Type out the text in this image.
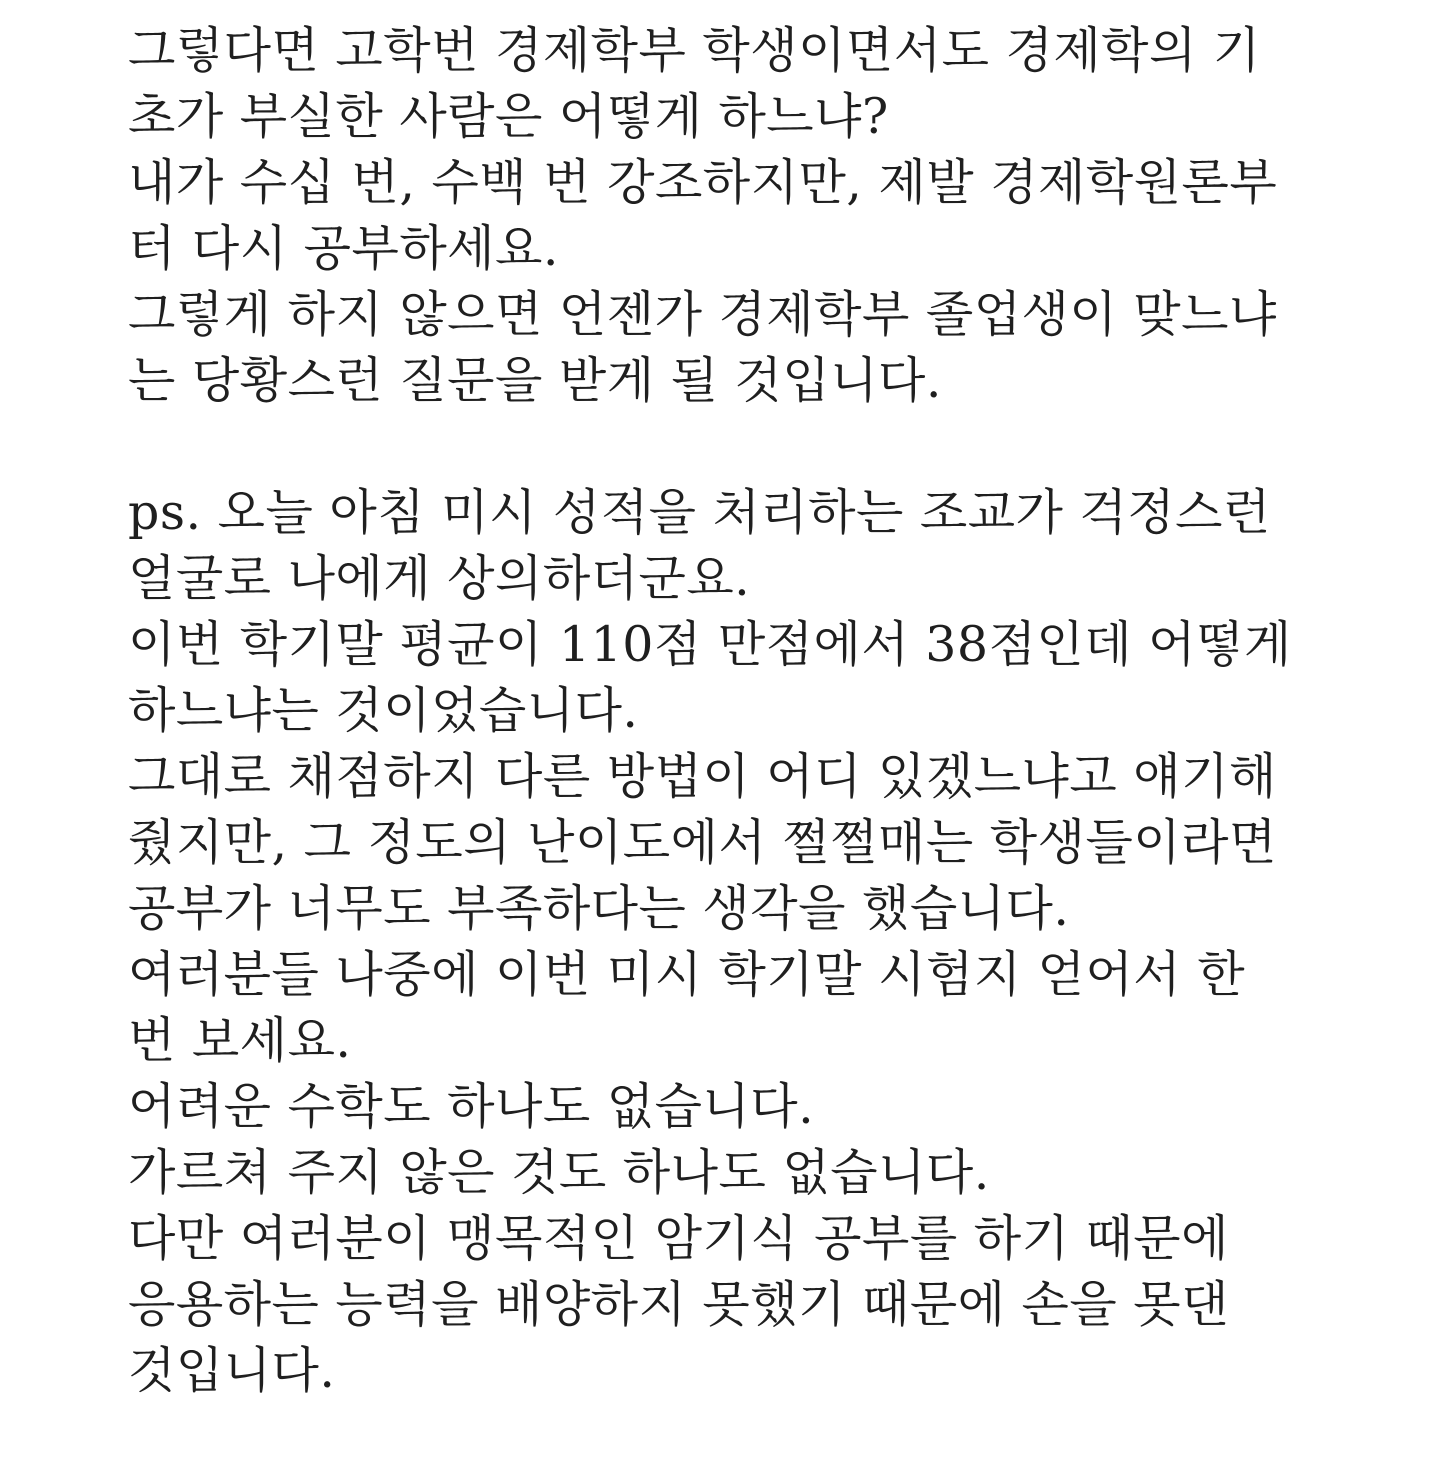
그렇다면 고학번 경제학부 학생이면서도 경제학의 기
초가 부실한 사람은 어떻게 하느냐?
내가 수십 번, 수백 번 강조하지만, 제발 경제학원론부
터 다시 공부하세요.
그렇게 하지 않으면 언젠가 경제학부 졸업생이 맞느냐
는 당황스런 질문을 받게 될 것입니다.
ps. 오늘 아침 미시 성적을 처리하는 조교가 걱정스런
얼굴로 나에게 상의하더군요.
이번 학기말 평균이 110점 만점에서 38점인데 어떻게
하느냐는 것이었습니다.
그대로 채점하지 다른 방법이 어디 있겠느냐고 얘기해
줬지만, 그 정도의 난이도에서 쩔쩔매는 학생들이라면
공부가 너무도 부족하다는 생각을 했습니다.
여러분들 나중에 이번 미시 학기말 시험지 얻어서 한
번 보세요.
어려운 수학도 하나도 없습니다.
가르쳐 주지 않은 것도 하나도 없습니다.
다만 여러분이 맹목적인 암기식 공부를 하기 때문에
응용하는 능력을 배양하지 못했기 때문에 손을 못댄
것입니다.
